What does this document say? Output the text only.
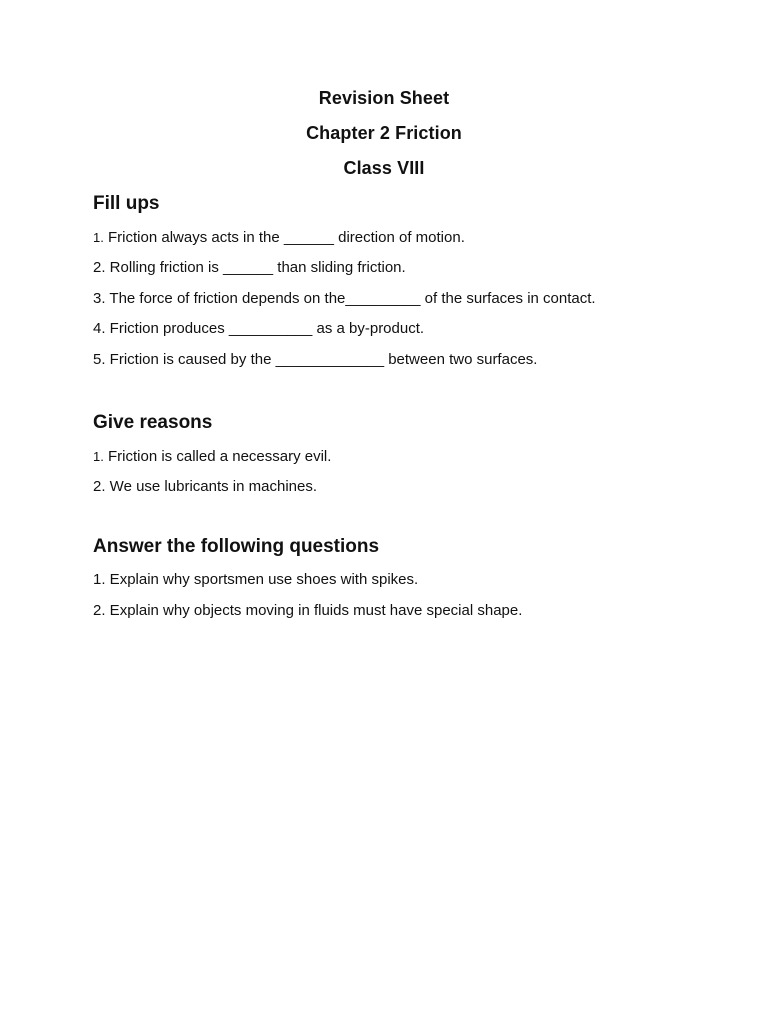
Revision Sheet
Chapter 2 Friction
Class VIII
Fill ups

1. Friction always acts in the ______ direction of motion.

2. Rolling friction is ______ than sliding friction.

3. The force of friction depends on the_________ of the surfaces in contact.

4. Friction produces __________ as a by-product.

5. Friction is caused by the _____________ between two surfaces.

Give reasons

1. Friction is called a necessary evil.

2. We use lubricants in machines.

Answer the following questions

1. Explain why sportsmen use shoes with spikes.

2. Explain why objects moving in fluids must have special shape.
